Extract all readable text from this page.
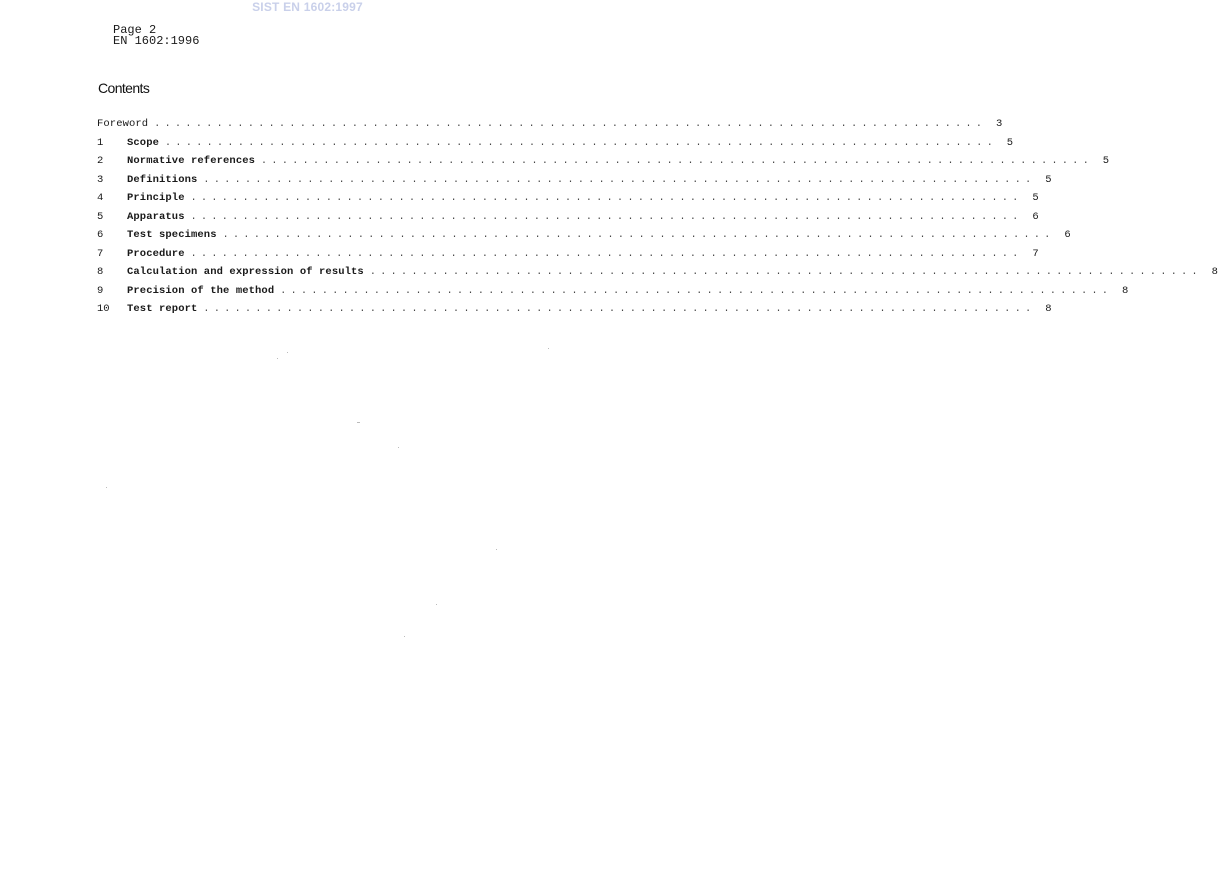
SIST EN 1602:1997
Page 2
EN 1602:1996
Contents
Foreword ................................................................................ 3
1	Scope ................................................................................ 5
2	Normative references ................................................................................ 5
3	Definitions ................................................................................ 5
4	Principle ................................................................................ 5
5	Apparatus ................................................................................ 6
6	Test specimens ................................................................................ 6
7	Procedure ................................................................................ 7
8	Calculation and expression of results ................................................................................ 8
9	Precision of the method ................................................................................ 8
10	Test report ................................................................................ 8
